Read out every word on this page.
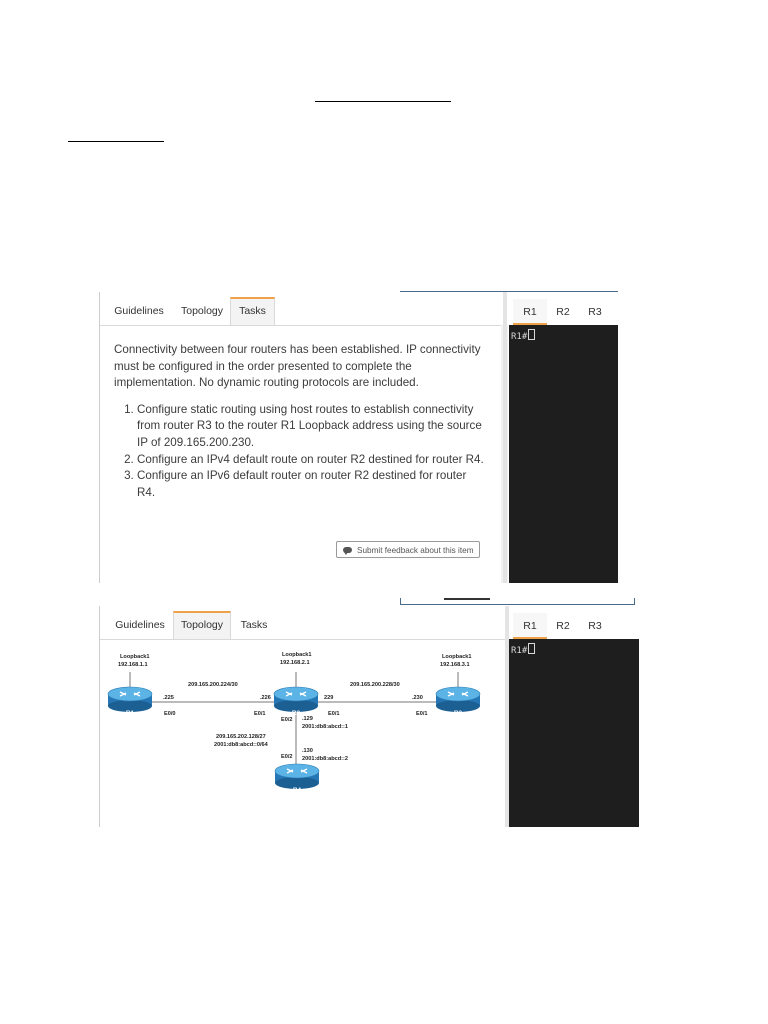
Guidelines	Topology	Tasks

Connectivity between four routers has been established. IP connectivity must be configured in the order presented to complete the implementation. No dynamic routing protocols are included.

1. Configure static routing using host routes to establish connectivity from router R3 to the router R1 Loopback address using the source IP of 209.165.200.230.
2. Configure an IPv4 default route on router R2 destined for router R4.
3. Configure an IPv6 default router on router R2 destined for router R4.
Submit feedback about this item
R1	R2	R3
R1#
Guidelines	Topology	Tasks
R1	R2	R3
R4
Loopback1
192.168.1.1
Loopback1
192.168.2.1
Loopback1
192.168.3.1
209.165.200.224/30
.225
E0/0
.226
E0/1
209.165.200.228/30
229
E0/1
.230
E0/1
E0/2 .129
2001:db8:abcd::1
209.165.202.128/27
2001:db8:abcd::0/64
E0/2
.130
2001:db8:abcd::2
R1	R2	R3
R1#
